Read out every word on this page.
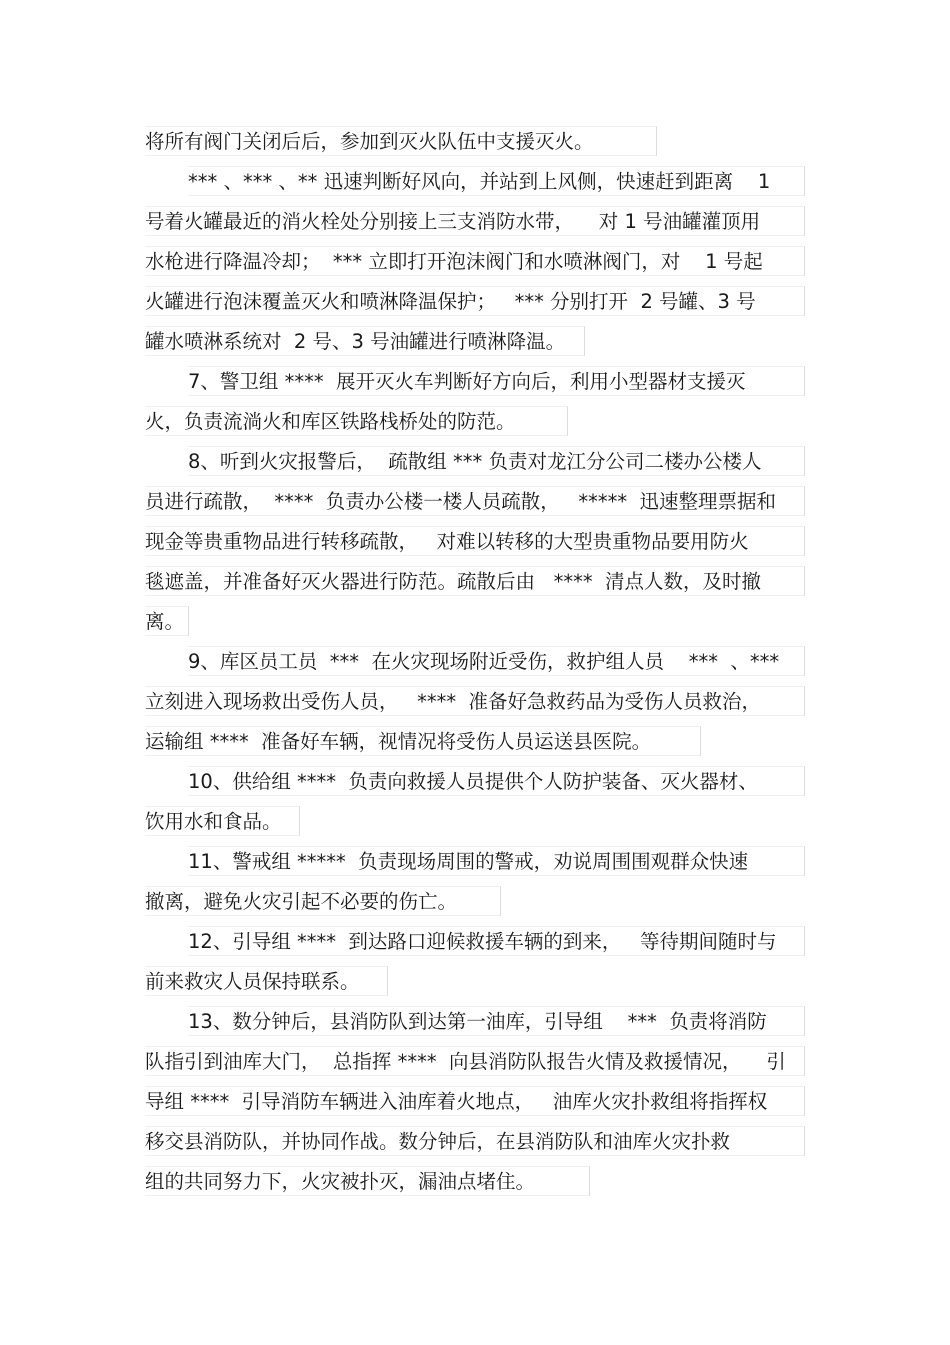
将所有阀门关闭后后，参加到灭火队伍中支援灭火。
*** 、*** 、** 迅速判断好风向，并站到上风侧，快速赶到距离    1
号着火罐最近的消火栓处分别接上三支消防水带，    对 1 号油罐灌顶用
水枪进行降温冷却；  *** 立即打开泡沫阀门和水喷淋阀门，对    1 号起
火罐进行泡沫覆盖灭火和喷淋降温保护；   *** 分别打开  2 号罐、3 号
罐水喷淋系统对  2 号、3 号油罐进行喷淋降温。
7、警卫组 ****  展开灭火车判断好方向后，利用小型器材支援灭
火，负责流淌火和库区铁路栈桥处的防范。
8、听到火灾报警后，  疏散组 *** 负责对龙江分公司二楼办公楼人
员进行疏散，  ****  负责办公楼一楼人员疏散，   *****  迅速整理票据和
现金等贵重物品进行转移疏散，   对难以转移的大型贵重物品要用防火
毯遮盖，并准备好灭火器进行防范。疏散后由   ****  清点人数，及时撤
离。
9、库区员工员  ***  在火灾现场附近受伤，救护组人员    ***  、***
立刻进入现场救出受伤人员，   ****  准备好急救药品为受伤人员救治，
运输组 ****  准备好车辆，视情况将受伤人员运送县医院。
10、供给组 ****  负责向救援人员提供个人防护装备、灭火器材、
饮用水和食品。
11、警戒组 *****  负责现场周围的警戒，劝说周围围观群众快速
撤离，避免火灾引起不必要的伤亡。
12、引导组 ****  到达路口迎候救援车辆的到来，   等待期间随时与
前来救灾人员保持联系。
13、数分钟后，县消防队到达第一油库，引导组    ***  负责将消防
队指引到油库大门，  总指挥 ****  向县消防队报告火情及救援情况，    引
导组 ****  引导消防车辆进入油库着火地点，   油库火灾扑救组将指挥权
移交县消防队，并协同作战。数分钟后，在县消防队和油库火灾扑救
组的共同努力下，火灾被扑灭，漏油点堵住。
